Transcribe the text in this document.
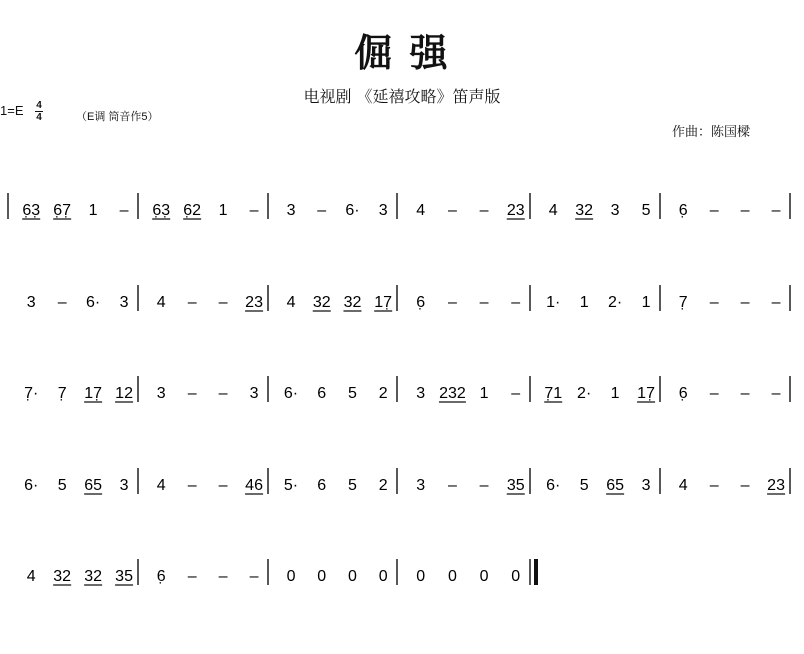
倔 强
电视剧 《延禧攻略》笛声版
$1=E \frac{4}{4}$	（E调 筒音作5）
作曲：陈国樑
6̣3̣ 6̣7̣ 1 – 6̣3̣ 6̣2 1 – 3 – 6· 3 4 – – 23 4 32 3 5 6̣ – – –
3 – 6· 3 4 – – 23 4 32 32 17̣ 6̣ – – – 1· 1 2· 1 7̣ – – –
7̣· 7̣ 17̣ 12 3 – – 3 6· 6 5 2 3 232 1 – 7̣1 2· 1 17̣ 6̣ – – –
6· 5 65 3 4 – – 46 5· 6 5 2 3 – – 35 6· 5 65 3 4 – – 23
4 32 32 35 6̣ – – – 0 0 0 0 0 0 0 0
